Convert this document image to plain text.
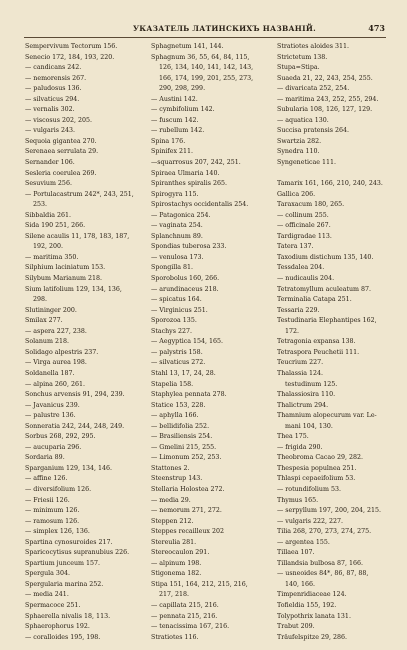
УКАЗАТЕЛЬ ЛАТИНСКИХЪ НАЗВАНІЙ.	473
Sempervivum Tectorum 156.
Senecio 172, 184, 193, 220.
— candicans 242.
— nemorensis 267.
— paludosus 136.
— silvaticus 294.
— vernalis 302.
— viscosus 202, 205.
— vulgaris 243.
Sequoia gigantea 270.
Serenaea serrulata 29.
Sernander 106.
Sesleria coerulea 269.
Sesuvium 256.
— Portulacastrum 242*, 243, 251,
253.
Sibbaldia 261.
Sida 190 251, 266.
Silene acaulis 11, 178, 183, 187,
192, 200.
— maritima 350.
Silphium laciniatum 153.
Silybum Marianum 218.
Sium latifolium 129, 134, 136,
298.
Slutininger 200.
Smilax 277.
— aspera 227, 238.
Solanum 218.
Solidago alpestris 237.
— Virga aurea 198.
Soldanella 187.
— alpina 260, 261.
Sonchus arvensis 91, 294, 239.
— Javanicus 239.
— palustre 136.
Sonneratia 242, 244, 248, 249.
Sorbus 268, 292, 295.
— aucuparia 296.
Sordaria 89.
Sparganium 129, 134, 146.
— affine 126.
— diversifolium 126.
— Friesii 126.
— minimum 126.
— ramosum 126.
— simplex 126, 136.
Spartina cynosuroides 217.
Sparicocytisus supranubius 226.
Spartium junceum 157.
Spergula 304.
Spergularia marina 252.
— media 241.
Spermacoce 251.
Sphaerella nivalis 18, 113.
Sphaerophorus 192.
— coralloides 195, 198.
Sphagnetum 141, 144.
Sphagnum 36, 55, 64, 84, 115,
126, 134, 140, 141, 142, 143,
166, 174, 199, 201, 255, 273,
290, 298, 299.
— Austini 142.
— cymbifolium 142.
— fuscum 142.
— rubellum 142.
Spina 176.
Spinifex 211.
—squarrosus 207, 242, 251.
Spiraea Ulmaria 140.
Spiranthes spiralis 265.
Spirogyra 115.
Spirostachys occidentalis 254.
— Patagonica 254.
— vaginata 254.
Splanchnum 89.
Spondias tuberosa 233.
— venulosa 173.
Spongilla 81.
Sporobolus 160, 266.
— arundinaceus 218.
— spicatus 164.
— Virginicus 251.
Sporozoa 135.
Stachys 227.
— Aegyptica 154, 165.
— palystris 158.
— silvaticus 272.
Stahl 13, 17, 24, 28.
Stapelia 158.
Staphylea pennata 278.
Statice 153, 228.
— aphylla 166.
— bellidifolia 252.
— Brasiliensis 254.
— Gmelini 215, 255.
— Limonum 252, 253.
Stattones 2.
Steenstrup 143.
Stellaria Holostea 272.
— media 29.
— nemorum 271, 272.
Steppen 212.
Steppes recailleux 202
Stereulia 281.
Stereocaulon 291.
— alpinum 198.
Stigonema 182.
Stipa 151, 164, 212, 215, 216,
217, 218.
— capillata 215, 216.
— pennata 215, 216.
— tenacissima 167, 216.
Stratiotes 116.
Stratiotes aloides 311.
Strictetum 138.
Stupa=Stipa.
Suaeda 21, 22, 243, 254, 255.
— divaricata 252, 254.
— maritima 243, 252, 255, 294.
Subularia 108, 126, 127, 129.
— aquatica 130.
Succisa pratensis 264.
Swartzia 282.
Synedra 110.
Syngeneticae 111.
Tamarix 161, 166, 210, 240, 243.
Gallica 206.
Taraxacum 180, 265.
— collinum 255.
— officinale 267.
Tardigradae 113.
Tatera 137.
Taxodium distichum 135, 140.
Tessdalea 204.
— nudicaulis 204.
Tetratomyllum aculeatum 87.
Terminalia Catapa 251.
Tessaria 229.
Testudinaria Elephantipes 162,
172.
Tetragonia expansa 138.
Tetraspora Peuchetii 111.
Teucrium 227.
Thalassia 124.
testudinum 125.
Thalassiosira 110.
Thalictrum 294.
Thamnium alopecurum var. Le-
mani 104, 130.
Thea 175.
— frigida 290.
Theobroma Cacao 29, 282.
Thespesia populnea 251.
Thlaspi cepaeifolium 53.
— rotundifolium 53.
Thymus 165.
— serpyllum 197, 200, 204, 215.
— vulgaris 222, 227.
Tilia 268, 270, 273, 274, 275.
— argentea 155.
Tillaea 107.
Tillandsia bulbosa 87, 166.
— usneoides 84*, 86, 87, 88,
140, 166.
Timpenridiaceae 124.
Tofieldia 155, 192.
Tolypothrix lanata 131.
Trabut 209.
Träufelspitze 29, 286.
